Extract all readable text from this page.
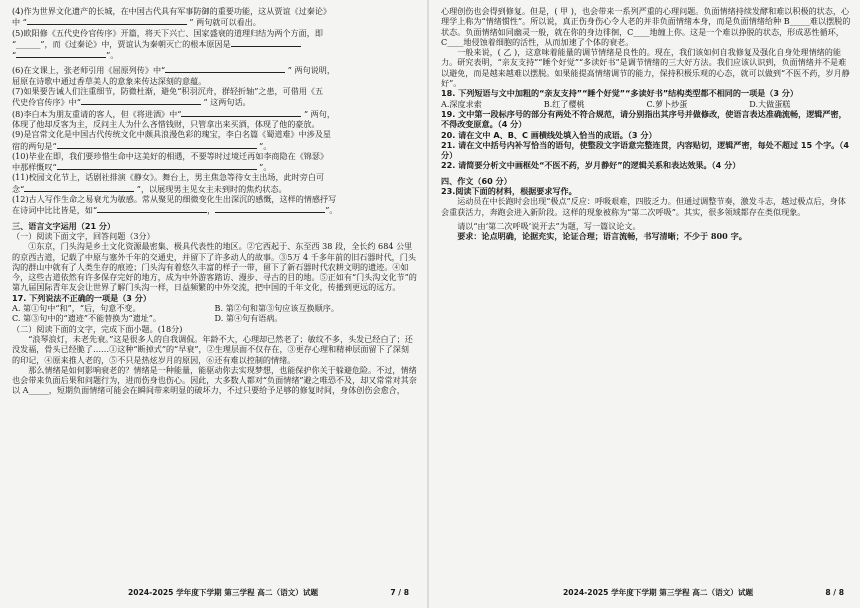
(4)作为世界文化遗产的长城，在中国古代具有军事防御的重要功能，这从贾谊《过秦论》

中 “	” 两句就可以看出。

(5)欧阳修《五代史伶官传序》开篇，将天下兴亡、国家盛衰的道理归结为两个方面，即

“______”，而《过秦论》中，贾谊认为秦朝灭亡的根本原因是

“	”。

(6)在文课上，张老师引用《屈原列传》中“	” 两句说明，

屈原在诗歌中通过香草美人的意象来传达深刻的意蕴。

(7)如果要告诫人们注重细节，防微杜渐，避免“积羽沉舟，群轻折轴”之患，可借用《五

代史伶官传序》中“	” 这两句话。

(8)李白本为朋友重请的客人，但《将进酒》中“	” 两句，

体现了他却反客为主，反问主人为什么吝惜钱财，只管拿出来买酒，体现了他的豪放。

(9)是宫常文化是中国古代传统文化中颇具浪漫色彩的瑰宝，李白名篇《蜀道难》中涉及星

宿的两句是“	”。

(10)毕业在即，我们要珍惜生命中这美好的相遇，不要等时过境迁再如李商隐在《锦瑟》

中那样慨叹“	”。

(11)校园文化节上，话剧社排演《静女》。舞台上，男主焦急等待女主出场，此时旁白可

念“	”，以展现男主见女主未到时的焦灼状态。

(12)古人写作生命之易衰尤为敏感。常从聚见的细微变化生出深沉的感慨，这样的情感抒写

在诗词中比比皆是，如“	，	”。

三、语言文字运用（21 分）

（一）阅读下面文字，回答问题（3分）

①东京，门头沟是乡土文化资源最密集、极具代表性的地区。②它西起于、东至西 38 段，全长约 684 公里的京西古道，记载了中原与塞外千年的交通史，并留下了许多动人的故事。③5万 4 千多年前的旧石器时代，门头沟的群山中就有了人类生存的痕迹；门头沟有着悠久丰富的样子一带，留下了新石器时代农耕文明的遗迹。④如今，这些古道依然有许多保存完好的地方，成为中外游客踏访、漫步、寻古的目的地。⑤正如有“门头沟文化节”的第九届国际青年友会让世界了解门头沟一样，日益频繁的中外交流，把中国的千年文化，传播到更远的远方。

17. 下列说法不正确的一项是（3 分）

A. 第①句中“和”，“后，句意不变。	B. 第②句和第③句应该互换顺序。
C. 第③句中的“遗迹”不能替换为“遗址”。	D. 第④句有语病。

（二）阅读下面的文字，完成下面小题。(18分)

“浪琴浪灯，未老先衰。”这是很多人的自我调侃。年龄不大，心理却已然老了；敏纹不多，头发已经白了；还没发福，骨头已经脆了……①这种“断掉式”的“早衰”，②生理层面不仅存在，③更存心理和精神层面留下了深刻的印记，④原来推人老的，⑤不只是热炫岁月的原因，⑥还有难以控制的情绪。

那么情绪是如何影响衰老的？情绪是一种能量，能驱动你去实现梦想，也能保护你关于躲避危险。不过，情绪也会带来负面后果和问题行为，进而伤身也伤心。因此，大多数人都对“负面情绪”避之唯恐不及，却又常常对其奈以 A_____，短期负面情绪可能会在瞬间带来明显的破坏力，不过只要给予足够的修复时间，身体创伤会愈合，

2024-2025 学年度下学期 第三学程 高二（语文）试题	7 / 8

心理创伤也会得到修复。但是，( 甲 )，也会带来一系列严重的心理问题。负面情绪持续发酵和难以积极的状态，心理学上称为“情绪惯性”。所以说，真正伤身伤心令人老的并非负面情绪本身，而是负面情绪给种 B_____难以摆脱的状态。负面情绪如同幽灵一般，就在你的身边徘徊，C____地缠上你。这是一个难以挣脱的状态，形成恶性循环，C____地侵蚀着细胞的活性，从而加速了个体的衰老。

一般来说，( 乙 )，这意味着能量的调节情绪是良性的。现在，我们该如何自我修复及强化自身处理情绪的能力。研究表明，“亲友支持”“睡个好觉”“多读好书”是调节情绪的三大好方法。我们应该认识到，负面情绪并不是难以避免，而是越来越难以摆脱。如果能提高情绪调节的能力，保持积极乐观的心态，就可以做到“不医不药，岁月静好”。

18. 下列短语与文中加粗的“亲友支持”“睡个好觉”“多读好书”结构类型都不相同的一项是（3 分）

A.深度求索	B.红了樱桃	C.萝卜炒蛋	D.大做蛋糕

19. 文中第一段标序号的部分有两处不符合规范，请分别指出其序号并做修改，使语言表达准确流畅，逻辑严密，不得改变原意。（4 分）

20. 请在文中 A、B、C 画横线处填入恰当的成语。（3 分）

21. 请在文中括号内补写恰当的语句，使整段文字语意完整连贯，内容贴切，逻辑严密，每处不超过 15 个字。（4 分）

22. 请简要分析文中画框处“不医不药，岁月静好”的逻辑关系和表达效果。（4 分）

四、作文（60 分）

23.阅读下面的材料，根据要求写作。

运动员在中长跑时会出现“极点”反应：呼吸艰难，四肢乏力。但通过调整节奏，激发斗志，越过极点后，身体会重获活力，奔跑会进入新阶段。这样的现象被称为“第二次呼吸”。其实，很多领域都存在类似现象。

请以“由‘第二次呼吸’说开去”为题，写一篇议论文。

要求：论点明确，论据充实，论证合理；语言流畅，书写清晰；不少于 800 字。

2024-2025 学年度下学期 第三学程 高二（语文）试题	8 / 8
